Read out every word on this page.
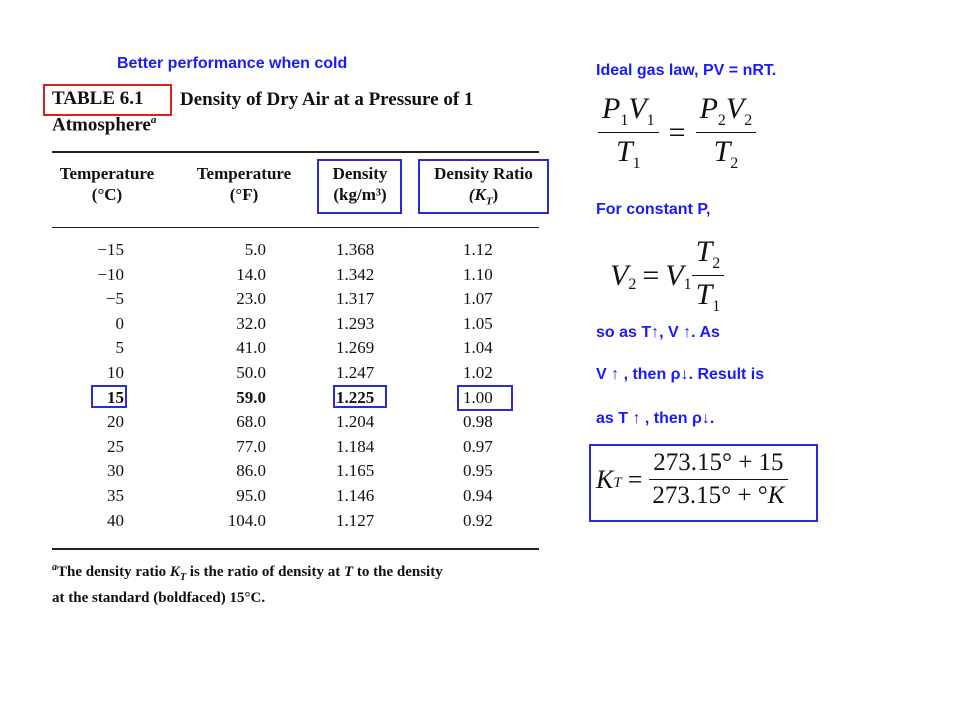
Better performance when cold
TABLE 6.1 Density of Dry Air at a Pressure of 1
Atmosphere$^a$
Temperature
(°C)
Temperature
(°F)
Density
(kg/m³)
Density Ratio
$(K_T)$
−15
−10
−5
0
5
10
15
20
25
30
35
40
5.0
14.0
23.0
32.0
41.0
50.0
59.0
68.0
77.0
86.0
95.0
104.0
1.368
1.342
1.317
1.293
1.269
1.247
1.225
1.204
1.184
1.165
1.146
1.127
1.12
1.10
1.07
1.05
1.04
1.02
1.00
0.98
0.97
0.95
0.94
0.92
$^a$The density ratio $K_T$ is the ratio of density at T to the density
at the standard (boldfaced) 15°C.
Ideal gas law, PV = nRT.
$\frac{P_1V_1}{T_1} = \frac{P_2V_2}{T_2}$
For constant P,
$V_2 = V_1 \frac{T_2}{T_1}$
so as T↑, V ↑. As
V ↑ , then ρ↓. Result is
as T ↑ , then ρ↓.
K $T = \frac{273.15^\circ + 15}{273.15^\circ + ^\circ K}$
